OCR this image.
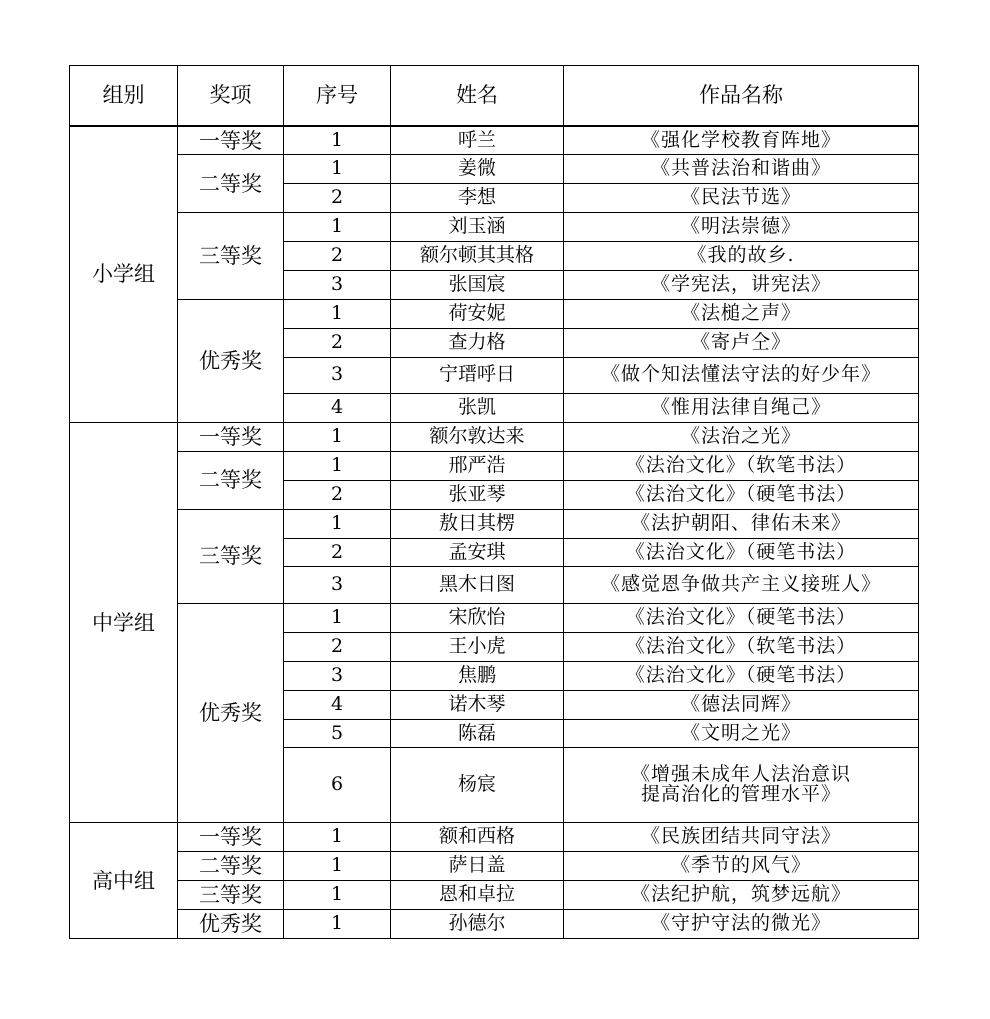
组别	奖项	序号	姓名	作品名称
小学组	一等奖	1	呼兰	《强化学校教育阵地》
	二等奖	1	姜微	《共普法治和谐曲》
		2	李想	《民法节选》
	三等奖	1	刘玉涵	《明法崇德》
		2	额尔顿其其格	《我的故乡.
		3	张国宸	《学宪法，讲宪法》
	优秀奖	1	荷安妮	《法槌之声》
		2	查力格	《寄卢仝》
		3	宁瑨呼日	《做个知法懂法守法的好少年》
		4	张凯	《惟用法律自绳己》
中学组	一等奖	1	额尔敦达来	《法治之光》
	二等奖	1	邢严浩	《法治文化》（软笔书法）
		2	张亚琴	《法治文化》（硬笔书法）
	三等奖	1	敖日其楞	《法护朝阳、律佑未来》
		2	孟安琪	《法治文化》（硬笔书法）
		3	黑木日图	《感觉恩争做共产主义接班人》
	优秀奖	1	宋欣怡	《法治文化》（硬笔书法）
		2	王小虎	《法治文化》（软笔书法）
		3	焦鹏	《法治文化》（硬笔书法）
		4	诺木琴	《德法同辉》
		5	陈磊	《文明之光》
		6	杨宸	《增强未成年人法治意识
提高治化的管理水平》
高中组	一等奖	1	额和西格	《民族团结共同守法》
	二等奖	1	萨日盖	《季节的风气》
	三等奖	1	恩和卓拉	《法纪护航，筑梦远航》
	优秀奖	1	孙德尔	《守护守法的微光》
